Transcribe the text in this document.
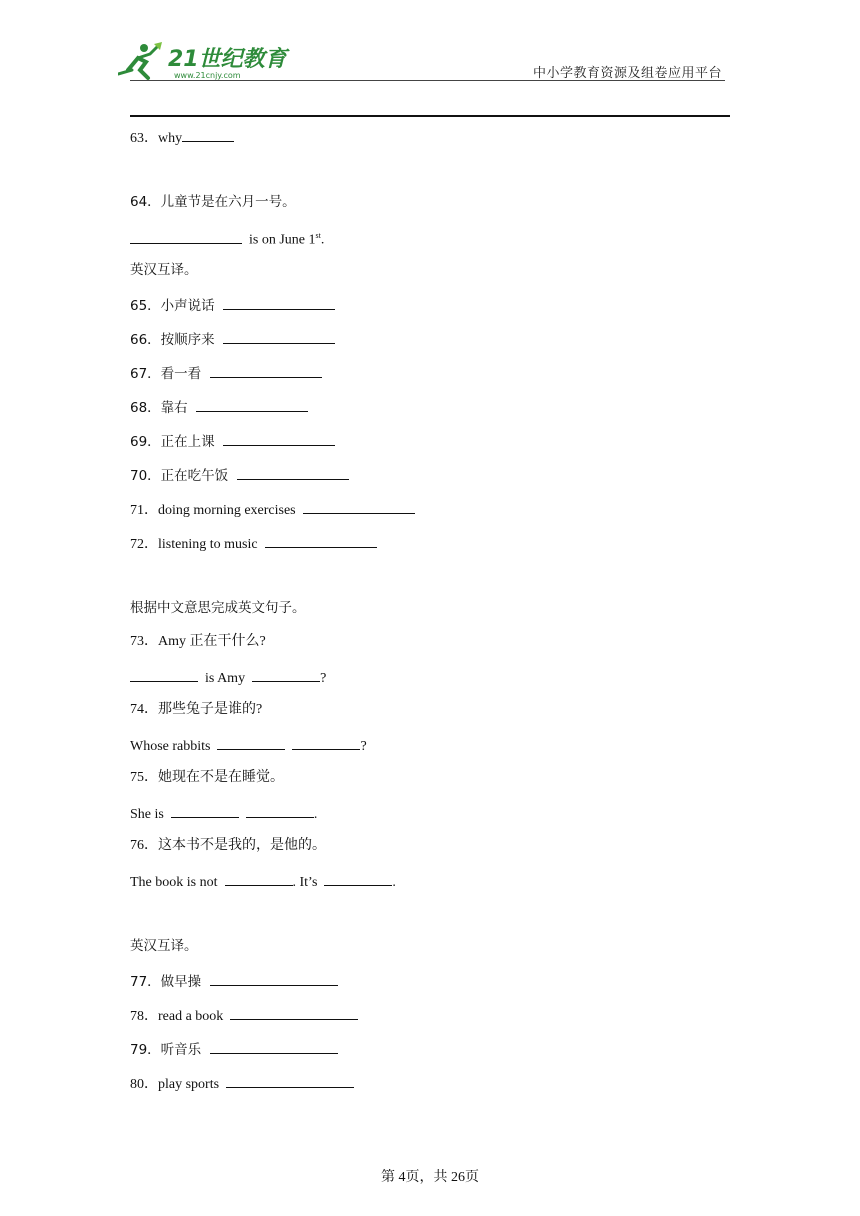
21世纪教育
www.21cnjy.com	中小学教育资源及组卷应用平台
63．why
64．儿童节是在六月一号。
is on June 1st.
英汉互译。
65．小声说话
66．按顺序来
67．看一看
68．靠右
69．正在上课
70．正在吃午饭
71．doing morning exercises
72．listening to music
根据中文意思完成英文句子。
73．Amy 正在干什么?
is Amy	?
74．那些兔子是谁的?
Whose rabbits	?
75．她现在不是在睡觉。
She is	.
76．这本书不是我的，是他的。
The book is not	. It’s	.
英汉互译。
77．做早操
78．read a book
79．听音乐
80．play sports
第 4页，共 26页
